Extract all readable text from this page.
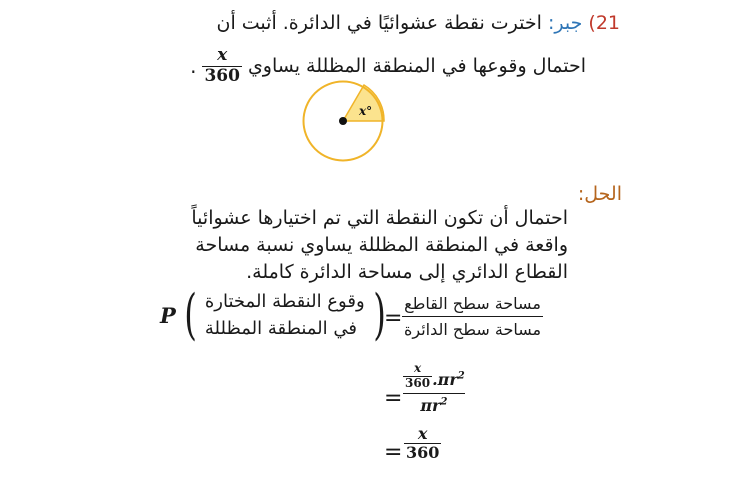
21) جبر: اخترت نقطة عشوائيًا في الدائرة. أثبت أن
احتمال وقوعها في المنطقة المظللة يساوي
$\frac{x}{360}$
.
x°
الحل:
احتمال أن تكون النقطة التي تم اختيارها عشوائياً
واقعة في المنطقة المظللة يساوي نسبة مساحة
القطاع الدائري إلى مساحة الدائرة كاملة.
P ( وقوع النقطة المختارة
في المنطقة المظللة )
=
مساحة سطح القاطع
مساحة سطح الدائرة
=
$\frac{x}{360} .\pi r^2$
$\pi r^2$
= $\frac{x}{360}$
